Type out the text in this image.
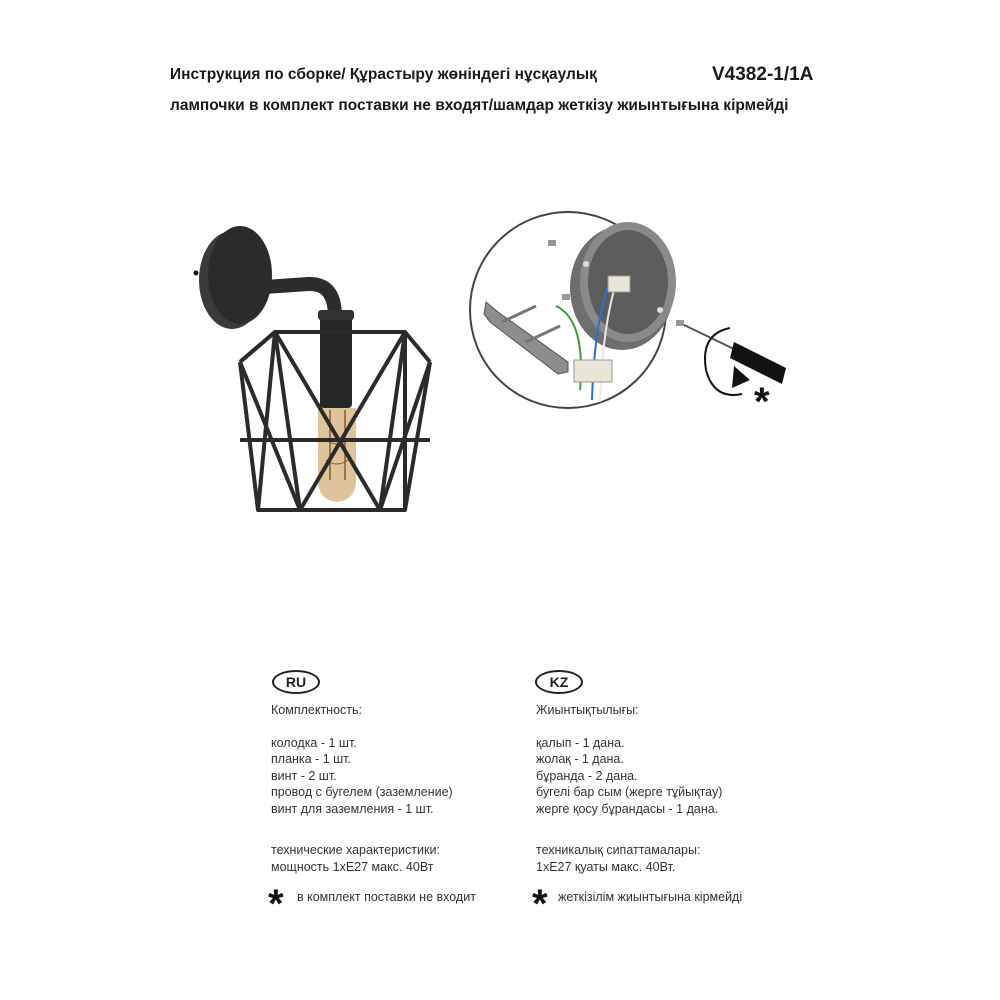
Инструкция по сборке/ Құрастыру жөніндегі нұсқаулық	V4382-1/1A
лампочки в комплект поставки не входят/шамдар жеткізу жиынтығына кірмейді
*
RU
Комплектность:
колодка - 1 шт.
планка - 1 шт.
винт - 2 шт.
провод с бугелем (заземление)
винт для заземления - 1 шт.
технические характеристики:
мощность 1хЕ27 макс. 40Вт
* в комплект поставки не входит
KZ
Жиынтықтылығы:
қалып - 1 дана.
жолақ - 1 дана.
бұранда - 2 дана.
бугелі бар сым (жерге тұйықтау)
жерге қосу бұрандасы - 1 дана.
техникалық сипаттамалары:
1хЕ27 қуаты макс. 40Вт.
* жеткізілім жиынтығына кірмейді
